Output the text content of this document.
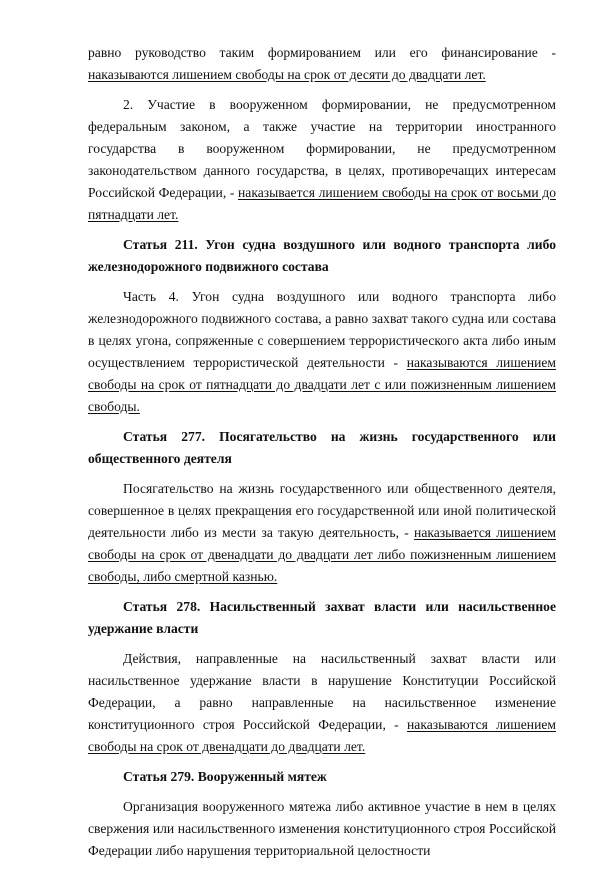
равно руководство таким формированием или его финансирование - наказываются лишением свободы на срок от десяти до двадцати лет.

2. Участие в вооруженном формировании, не предусмотренном федеральным законом, а также участие на территории иностранного государства в вооруженном формировании, не предусмотренном законодательством данного государства, в целях, противоречащих интересам Российской Федерации, - наказывается лишением свободы на срок от восьми до пятнадцати лет.

Статья 211. Угон судна воздушного или водного транспорта либо железнодорожного подвижного состава

Часть 4. Угон судна воздушного или водного транспорта либо железнодорожного подвижного состава, а равно захват такого судна или состава в целях угона, сопряженные с совершением террористического акта либо иным осуществлением террористической деятельности - наказываются лишением свободы на срок от пятнадцати до двадцати лет с или пожизненным лишением свободы.

Статья 277. Посягательство на жизнь государственного или общественного деятеля

Посягательство на жизнь государственного или общественного деятеля, совершенное в целях прекращения его государственной или иной политической деятельности либо из мести за такую деятельность, - наказывается лишением свободы на срок от двенадцати до двадцати лет либо пожизненным лишением свободы, либо смертной казнью.

Статья 278. Насильственный захват власти или насильственное удержание власти

Действия, направленные на насильственный захват власти или насильственное удержание власти в нарушение Конституции Российской Федерации, а равно направленные на насильственное изменение конституционного строя Российской Федерации, - наказываются лишением свободы на срок от двенадцати до двадцати лет.

Статья 279. Вооруженный мятеж

Организация вооруженного мятежа либо активное участие в нем в целях свержения или насильственного изменения конституционного строя Российской Федерации либо нарушения территориальной целостности
